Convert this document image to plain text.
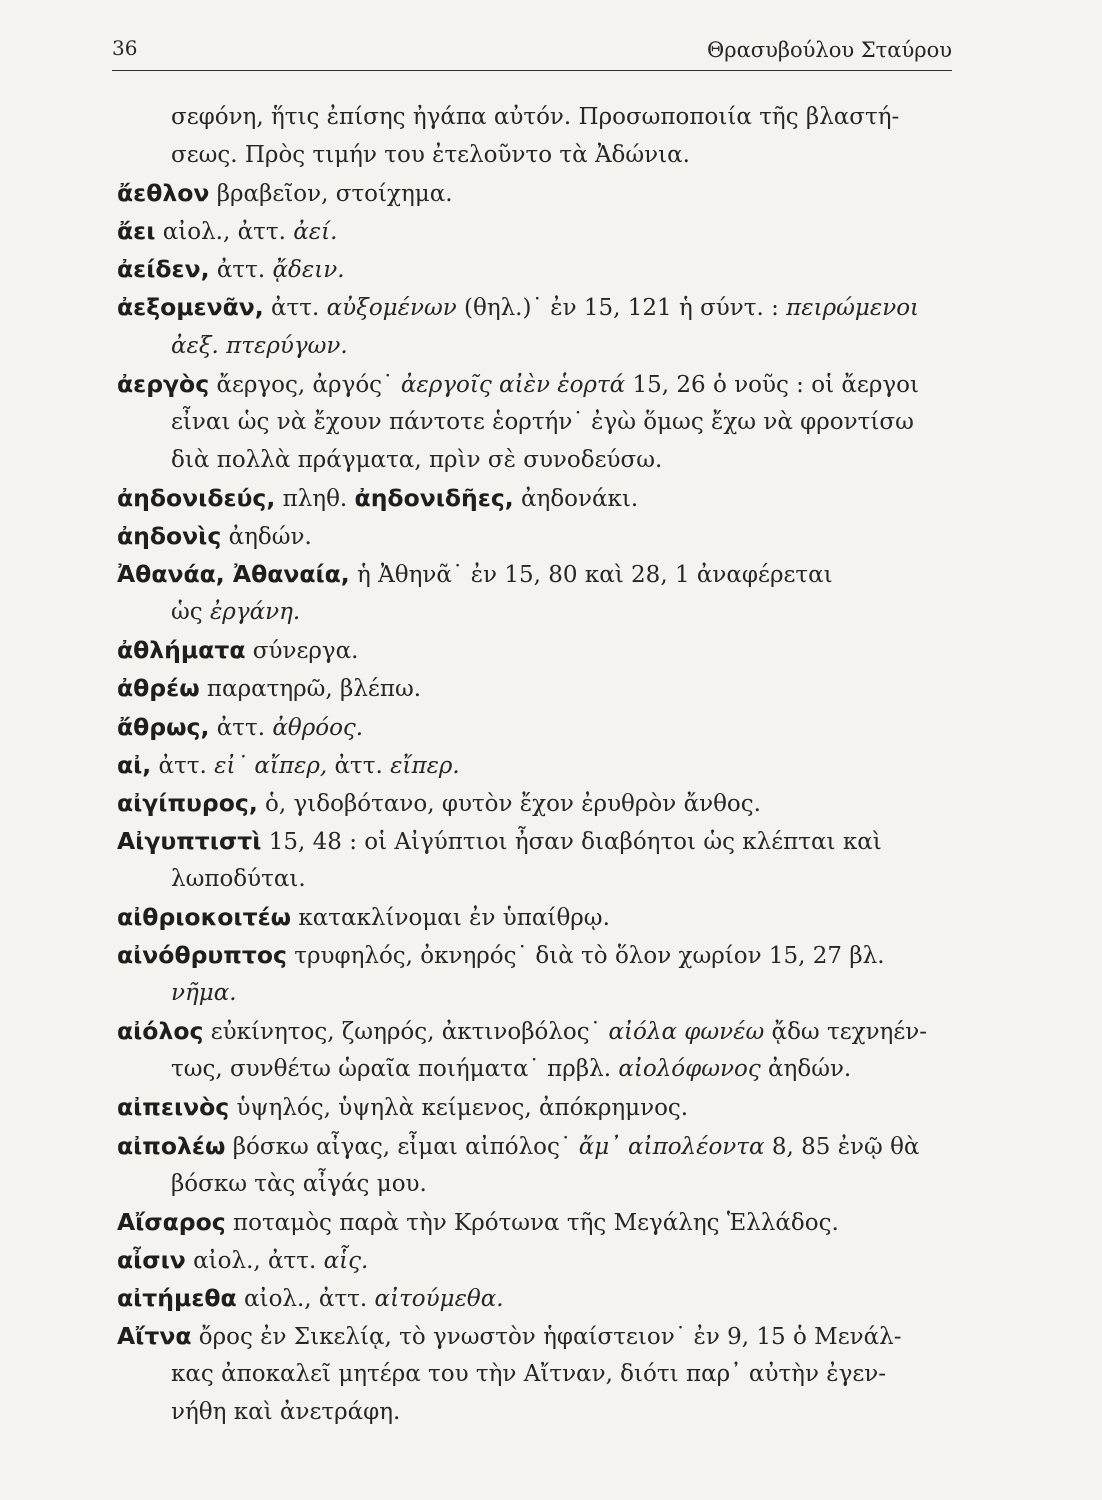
36	Θρασυβούλου Σταύρου
σεφόνη, ἥτις ἐπίσης ἠγάπα αὐτόν. Προσωποποιία τῆς βλαστή-
σεως. Πρὸς τιμήν του ἐτελοῦντο τὰ Ἀδώνια.
ἄεθλον βραβεῖον, στοίχημα.
ἄει αἰολ., ἀττ. ἀεί.
ἀείδεν, ἀττ. ᾄδειν.
ἀεξομενᾶν, ἀττ. αὐξομένων (θηλ.)˙ ἐν 15, 121 ἡ σύντ. : πειρώμενοι
ἀεξ. πτερύγων.
ἀεργὸς ἄεργος, ἀργός˙ ἀεργοῖς αἰὲν ἑορτά 15, 26 ὁ νοῦς : οἱ ἄεργοι
εἶναι ὡς νὰ ἔχουν πάντοτε ἑορτήν˙ ἐγὼ ὅμως ἔχω νὰ φροντίσω
διὰ πολλὰ πράγματα, πρὶν σὲ συνοδεύσω.
ἀηδονιδεύς, πληθ. ἀηδονιδῆες, ἀηδονάκι.
ἀηδονὶς ἀηδών.
Ἀθανάα, Ἀθαναία, ἡ Ἀθηνᾶ˙ ἐν 15, 80 καὶ 28, 1 ἀναφέρεται
ὡς ἐργάνη.
ἀθλήματα σύνεργα.
ἀθρέω παρατηρῶ, βλέπω.
ἄθρως, ἀττ. ἀθρόος.
αἰ, ἀττ. εἰ˙ αἴπερ, ἀττ. εἴπερ.
αἰγίπυρος, ὁ, γιδοβότανο, φυτὸν ἔχον ἐρυθρὸν ἄνθος.
Αἰγυπτιστὶ 15, 48 : οἱ Αἰγύπτιοι ἦσαν διαβόητοι ὡς κλέπται καὶ
λωποδύται.
αἰθριοκοιτέω κατακλίνομαι ἐν ὑπαίθρῳ.
αἰνόθρυπτος τρυφηλός, ὀκνηρός˙ διὰ τὸ ὅλον χωρίον 15, 27 βλ.
νῆμα.
αἰόλος εὐκίνητος, ζωηρός, ἀκτινοβόλος˙ αἰόλα φωνέω ᾄδω τεχνηέν-
τως, συνθέτω ὡραῖα ποιήματα˙ πρβλ. αἰολόφωνος ἀηδών.
αἰπεινὸς ὑψηλός, ὑψηλὰ κείμενος, ἀπόκρημνος.
αἰπολέω βόσκω αἶγας, εἶμαι αἰπόλος˙ ἄμ᾽ αἰπολέοντα 8, 85 ἐνῷ θὰ
βόσκω τὰς αἶγάς μου.
Αἴσαρος ποταμὸς παρὰ τὴν Κρότωνα τῆς Μεγάλης Ἑλλάδος.
αἶσιν αἰολ., ἀττ. αἷς.
αἰτήμεθα αἰολ., ἀττ. αἰτούμεθα.
Αἴτνα ὄρος ἐν Σικελίᾳ, τὸ γνωστὸν ἡφαίστειον˙ ἐν 9, 15 ὁ Μενάλ-
κας ἀποκαλεῖ μητέρα του τὴν Αἴτναν, διότι παρ᾽ αὐτὴν ἐγεν-
νήθη καὶ ἀνετράφη.
